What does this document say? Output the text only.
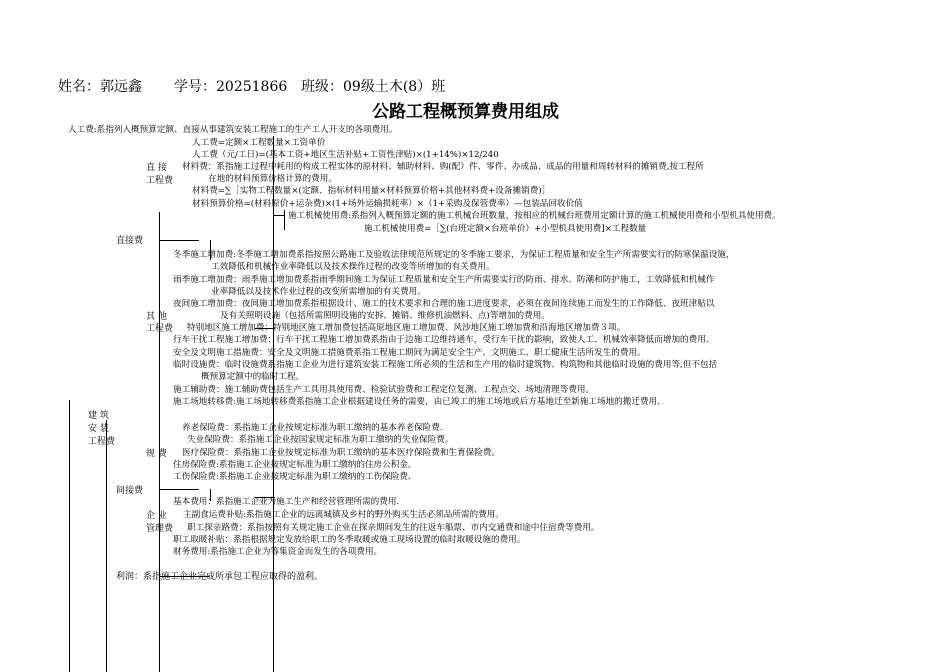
姓名：郭远鑫 学号：20251866 班级：09级土木(8）班
公路工程概预算费用组成
建 筑
安 装
工程费
直接费
间接费
利润：系指施工企业完成所承包工程应取得的盈利。
直 接
工程费
其 他
工程费
规 费
企 业
管理费
人工费:系指列入概预算定额、直接从事建筑安装工程施工的生产工人开支的各项费用。
人工费=定额×工程数量×工资单价
人工费（元/工日)=(基本工资+地区生活补贴+工资性津贴)×(1+14%)×12/240
材料费：系指施工过程中耗用的构成工程实体的原材料、辅助材料、购(配）件、零件、办成品、成品的用量和周转材料的摊销费,按工程所
在地的材料预算价格计算的费用。
材料费=∑［实物工程数量×(定额、指标材料用量×材料预算价格+其他材料费+设备摊销费)］
材料预算价格=(材料原价+运杂费)×(1+场外运输损耗率）×（1+采购及保管费率）—包装品回收价值
施工机械使用费:系指列入概预算定额的施工机械台班数量，按相应的机械台班费用定额计算的施工机械使用费和小型机具使用费。
施工机械使用费=［∑(台班定额×台班单价）+小型机具使用费]×工程数量
冬季施工增加费:冬季施工增加费系指按照公路施工及验收法律规范所规定的冬季施工要求，为保证工程质量和安全生产所需要实行的防寒保温设施，
工效降低和机械作业率降低以及技术操作过程的改变等所增加的有关费用。
雨季施工增加费：雨季施工增加费系指雨季期间施工为保证工程质量和安全生产所需要实行的防雨、排水、防潮和防护施工，工效降低和机械作
业率降低以及技术作业过程的改变所需增加的有关费用。
夜间施工增加费：夜间施工增加费系指根据设计、施工的技术要求和合理的施工进度要求，必须在夜间连续施工而发生的工作降低、夜班津贴以
及有关照明设施（包括所需照明设施的安拆、摊销、维修机油燃料、点)等增加的费用。
特别地区施工增加费：特别地区施工增加费包括高原地区施工增加费、风沙地区施工增加费和沿海地区增加费３项。
行车干扰工程施工增加费：行车干扰工程施工增加费系指由于边施工边维持通车，受行车干扰的影响，致使人工、机械效率降低而增加的费用.
安全及文明施工措施费：安全及文明施工措施费系指工程施工期间为满足安全生产、文明施工、职工健康生活所发生的费用。
临时设施费：临时设施费系指施工企业为进行建筑安装工程施工所必须的生活和生产用的临时建筑物、构筑物和其他临时设施的费用等,但不包括
概预算定额中的临时工程。
施工辅助费：施工辅助费包括生产工具用具使用费、检验试验费和工程定位复测、工程点交、场地清理等费用。
施工场地转移费:施工场地转移费系指施工企业根据建设任务的需要，由已竣工的施工场地或后方基地迁至新施工场地的搬迁费用.
养老保险费：系指施工企业按规定标准为职工缴纳的基本养老保险费.
失业保险费：系指施工企业按国家规定标准为职工缴纳的失业保险费。
医疗保险费：系指施工企业按规定标准为职工缴纳的基本医疗保险费和生育保险费。
住房保险费:系指施工企业按规定标准为职工缴纳的住房公积金。
工伤保险费:系指施工企业按规定标准为职工缴纳的工伤保险费.
基本费用：系指施工企业为施工生产和经营管理所需的费用.
主副食运费补贴:系指施工企业的远离城镇及乡村的野外购买生活必须品所需的费用。
职工探亲路费：系指按照有关规定施工企业在探亲期间发生的往返车船票、市内交通费和途中住宿费等费用。
职工取暖补贴：系指根据规定发放给职工的冬季取暖或施工现场设置的临时取暖设施的费用。
财务费用:系指施工企业为筹集资金而发生的各项费用。
